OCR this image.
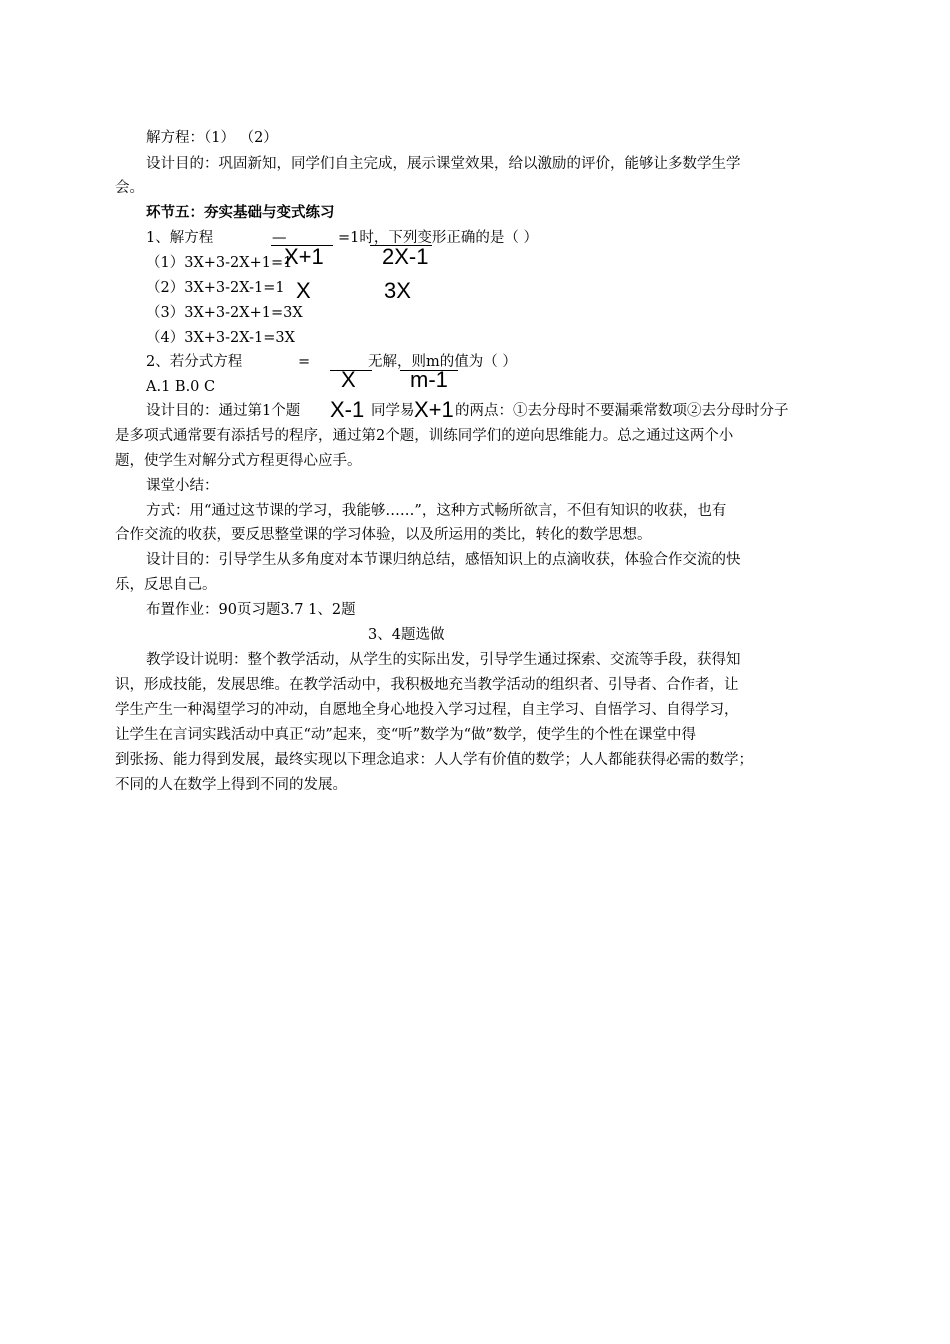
解方程：（1） （2）
设计目的：巩固新知，同学们自主完成，展示课堂效果，给以激励的评价，能够让多数学生学
会。
环节五：夯实基础与变式练习
1、解方程	—	=1时，下列变形正确的是（ ）
（1）3X+3-2X+1=1
（2）3X+3-2X-1=1
（3）3X+3-2X+1=3X
（4）3X+3-2X-1=3X
X+1
X
2X-1
3X
2、若分式方程	=	无解，则m的值为（ ）
A.1 B.0 C	X
X-1
m-1
X+1
设计目的：通过第1个题	同学易	的两点：①去分母时不要漏乘常数项②去分母时分子
是多项式通常要有添括号的程序，通过第2个题，训练同学们的逆向思维能力。总之通过这两个小
题，使学生对解分式方程更得心应手。
课堂小结：
方式：用“通过这节课的学习，我能够……”，这种方式畅所欲言，不但有知识的收获，也有
合作交流的收获，要反思整堂课的学习体验，以及所运用的类比，转化的数学思想。
设计目的：引导学生从多角度对本节课归纳总结，感悟知识上的点滴收获，体验合作交流的快
乐，反思自己。
布置作业：90页习题3.7 1、2题
3、4题选做
教学设计说明：整个教学活动，从学生的实际出发，引导学生通过探索、交流等手段，获得知
识，形成技能，发展思维。在教学活动中，我积极地充当教学活动的组织者、引导者、合作者，让
学生产生一种渴望学习的冲动，自愿地全身心地投入学习过程，自主学习、自悟学习、自得学习，
让学生在言词实践活动中真正“动”起来，变“听”数学为“做”数学，使学生的个性在课堂中得
到张扬、能力得到发展，最终实现以下理念追求：人人学有价值的数学；人人都能获得必需的数学；
不同的人在数学上得到不同的发展。
